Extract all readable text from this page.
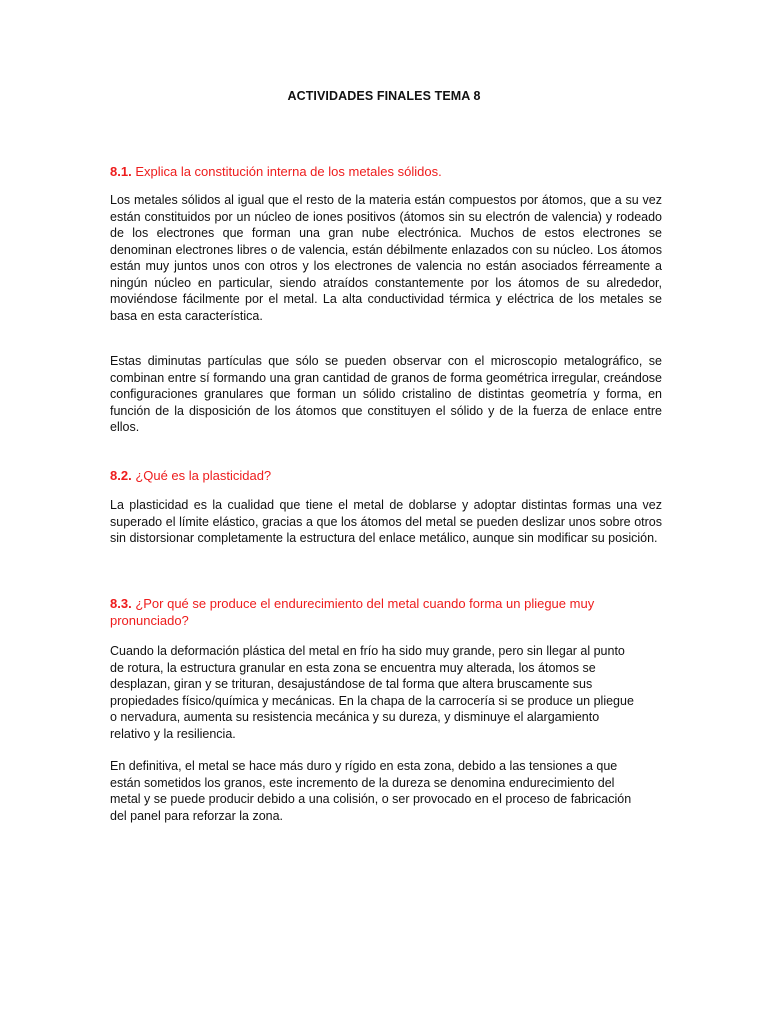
ACTIVIDADES FINALES TEMA 8
8.1. Explica la constitución interna de los metales sólidos.
Los metales sólidos al igual que el resto de la materia están compuestos por átomos, que a su vez están constituidos por un núcleo de iones positivos (átomos sin su electrón de valencia) y rodeado de los electrones que forman una gran nube electrónica. Muchos de estos electrones se denominan electrones libres o de valencia, están débilmente enlazados con su núcleo. Los átomos están muy juntos unos con otros y los electrones de valencia no están asociados férreamente a ningún núcleo en particular, siendo atraídos constantemente por los átomos de su alrededor, moviéndose fácilmente por el metal. La alta conductividad térmica y eléctrica de los metales se basa en esta característica.
Estas diminutas partículas que sólo se pueden observar con el microscopio metalográfico, se combinan entre sí formando una gran cantidad de granos de forma geométrica irregular, creándose configuraciones granulares que forman un sólido cristalino de distintas geometría y forma, en función de la disposición de los átomos que constituyen el sólido y de la fuerza de enlace entre ellos.
8.2. ¿Qué es la plasticidad?
La plasticidad es la cualidad que tiene el metal de doblarse y adoptar distintas formas una vez superado el límite elástico, gracias a que los átomos del metal se pueden deslizar unos sobre otros sin distorsionar completamente la estructura del enlace metálico, aunque sin modificar su posición.
8.3. ¿Por qué se produce el endurecimiento del metal cuando forma un pliegue muy pronunciado?
Cuando la deformación plástica del metal en frío ha sido muy grande, pero sin llegar al punto de rotura, la estructura granular en esta zona se encuentra muy alterada, los átomos se desplazan, giran y se trituran, desajustándose de tal forma que altera bruscamente sus propiedades físico/química y mecánicas. En la chapa de la carrocería si se produce un pliegue o nervadura, aumenta su resistencia mecánica y su dureza, y disminuye el alargamiento relativo y la resiliencia.
En definitiva, el metal se hace más duro y rígido en esta zona, debido a las tensiones a que están sometidos los granos, este incremento de la dureza se denomina endurecimiento del metal y se puede producir debido a una colisión, o ser provocado en el proceso de fabricación del panel para reforzar la zona.
